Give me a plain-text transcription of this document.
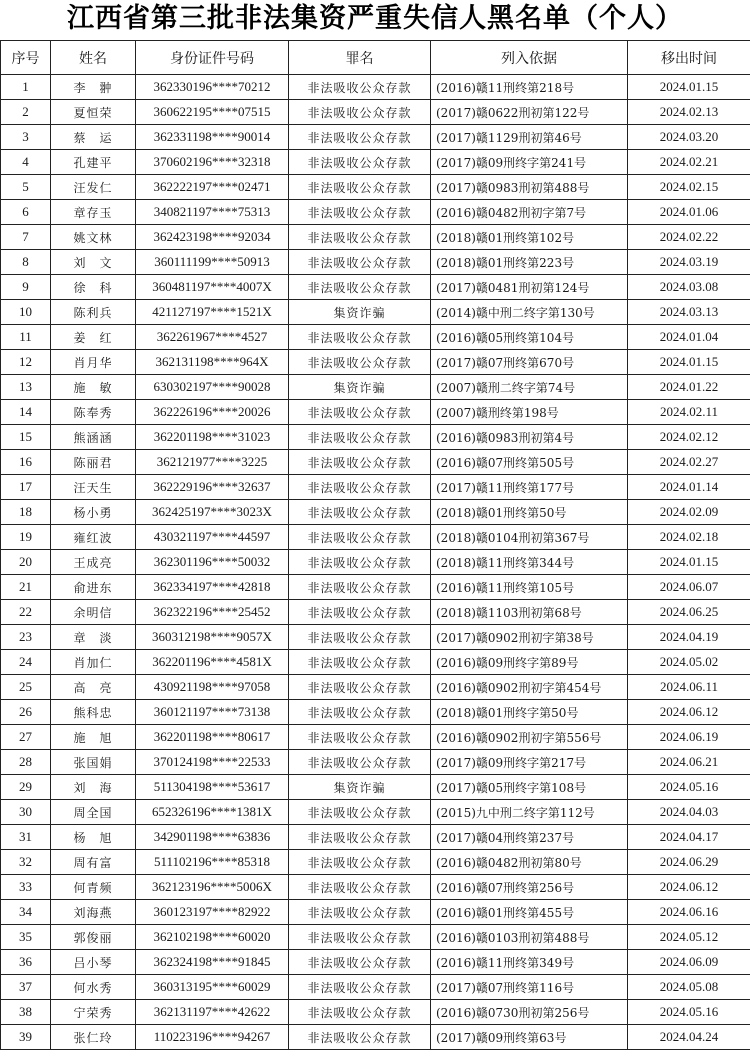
江西省第三批非法集资严重失信人黑名单（个人）
序号	姓名	身份证件号码	罪名	列入依据	移出时间
1	李　翀	362330196****70212	非法吸收公众存款	(2016)赣11刑终第218号	2024.01.15
2	夏恒荣	360622195****07515	非法吸收公众存款	(2017)赣0622刑初第122号	2024.02.13
3	蔡　运	362331198****90014	非法吸收公众存款	(2017)赣1129刑初第46号	2024.03.20
4	孔建平	370602196****32318	非法吸收公众存款	(2017)赣09刑终字第241号	2024.02.21
5	汪发仁	362222197****02471	非法吸收公众存款	(2017)赣0983刑初第488号	2024.02.15
6	章存玉	340821197****75313	非法吸收公众存款	(2016)赣0482刑初字第7号	2024.01.06
7	姚文林	362423198****92034	非法吸收公众存款	(2018)赣01刑终第102号	2024.02.22
8	刘　文	360111199****50913	非法吸收公众存款	(2018)赣01刑终第223号	2024.03.19
9	徐　科	360481197****4007X	非法吸收公众存款	(2017)赣0481刑初第124号	2024.03.08
10	陈利兵	421127197****1521X	集资诈骗	(2014)赣中刑二终字第130号	2024.03.13
11	姜　红	362261967****4527	非法吸收公众存款	(2016)赣05刑终第104号	2024.01.04
12	肖月华	362131198****964X	非法吸收公众存款	(2017)赣07刑终第670号	2024.01.15
13	施　敏	630302197****90028	集资诈骗	(2007)赣刑二终字第74号	2024.01.22
14	陈奉秀	362226196****20026	非法吸收公众存款	(2007)赣刑终第198号	2024.02.11
15	熊涵涵	362201198****31023	非法吸收公众存款	(2016)赣0983刑初第4号	2024.02.12
16	陈丽君	362121977****3225	非法吸收公众存款	(2016)赣07刑终第505号	2024.02.27
17	汪天生	362229196****32637	非法吸收公众存款	(2017)赣11刑终第177号	2024.01.14
18	杨小勇	362425197****3023X	非法吸收公众存款	(2018)赣01刑终第50号	2024.02.09
19	雍红波	430321197****44597	非法吸收公众存款	(2018)赣0104刑初第367号	2024.02.18
20	王成亮	362301196****50032	非法吸收公众存款	(2018)赣11刑终第344号	2024.01.15
21	俞进东	362334197****42818	非法吸收公众存款	(2016)赣11刑终第105号	2024.06.07
22	余明信	362322196****25452	非法吸收公众存款	(2018)赣1103刑初第68号	2024.06.25
23	章　淡	360312198****9057X	非法吸收公众存款	(2017)赣0902刑初字第38号	2024.04.19
24	肖加仁	362201196****4581X	非法吸收公众存款	(2016)赣09刑终字第89号	2024.05.02
25	高　亮	430921198****97058	非法吸收公众存款	(2016)赣0902刑初字第454号	2024.06.11
26	熊科忠	360121197****73138	非法吸收公众存款	(2018)赣01刑终字第50号	2024.06.12
27	施　旭	362201198****80617	非法吸收公众存款	(2016)赣0902刑初字第556号	2024.06.19
28	张国娟	370124198****22533	非法吸收公众存款	(2017)赣09刑终字第217号	2024.06.21
29	刘　海	511304198****53617	集资诈骗	(2017)赣05刑终字第108号	2024.05.16
30	周全国	652326196****1381X	非法吸收公众存款	(2015)九中刑二终字第112号	2024.04.03
31	杨　旭	342901198****63836	非法吸收公众存款	(2017)赣04刑终第237号	2024.04.17
32	周有富	511102196****85318	非法吸收公众存款	(2016)赣0482刑初第80号	2024.06.29
33	何青频	362123196****5006X	非法吸收公众存款	(2016)赣07刑终第256号	2024.06.12
34	刘海燕	360123197****82922	非法吸收公众存款	(2016)赣01刑终第455号	2024.06.16
35	郭俊丽	362102198****60020	非法吸收公众存款	(2016)赣0103刑初第488号	2024.05.12
36	吕小琴	362324198****91845	非法吸收公众存款	(2016)赣11刑终第349号	2024.06.09
37	何水秀	360313195****60029	非法吸收公众存款	(2017)赣07刑终第116号	2024.05.08
38	宁荣秀	362131197****42622	非法吸收公众存款	(2016)赣0730刑初第256号	2024.05.16
39	张仁玲	110223196****94267	非法吸收公众存款	(2017)赣09刑终第63号	2024.04.24
